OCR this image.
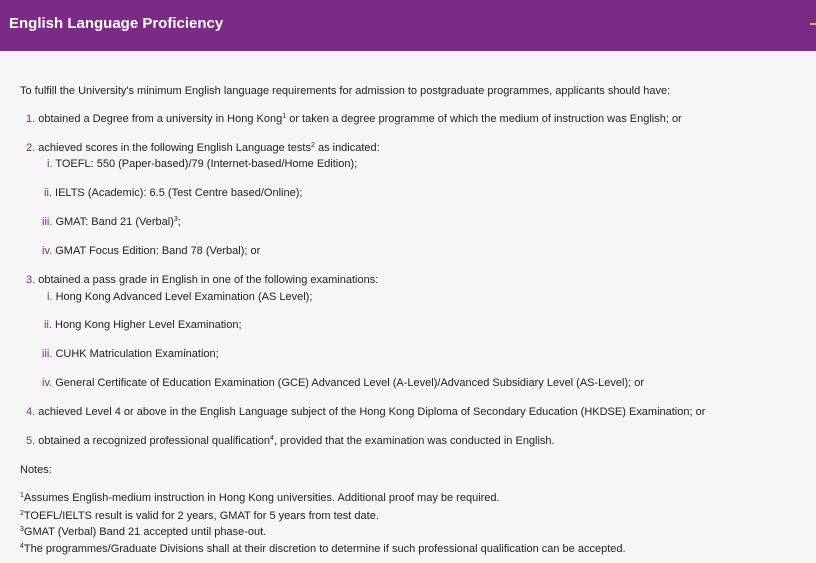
English Language Proficiency
To fulfill the University's minimum English language requirements for admission to postgraduate programmes, applicants should have:
1. obtained a Degree from a university in Hong Kong$^1$ or taken a degree programme of which the medium of instruction was English; or
2. achieved scores in the following English Language tests$^2$ as indicated:
i. TOEFL: 550 (Paper-based)/79 (Internet-based/Home Edition);
ii. IELTS (Academic): 6.5 (Test Centre based/Online);
iii. GMAT: Band 21 (Verbal)$^3$;
iv. GMAT Focus Edition: Band 78 (Verbal); or
3. obtained a pass grade in English in one of the following examinations:
i. Hong Kong Advanced Level Examination (AS Level);
ii. Hong Kong Higher Level Examination;
iii. CUHK Matriculation Examination;
iv. General Certificate of Education Examination (GCE) Advanced Level (A-Level)/Advanced Subsidiary Level (AS-Level); or
4. achieved Level 4 or above in the English Language subject of the Hong Kong Diploma of Secondary Education (HKDSE) Examination; or
5. obtained a recognized professional qualification$^4$, provided that the examination was conducted in English.
Notes:
$^1$Assumes English-medium instruction in Hong Kong universities. Additional proof may be required.
$^2$TOEFL/IELTS result is valid for 2 years, GMAT for 5 years from test date.
$^3$GMAT (Verbal) Band 21 accepted until phase-out.
$^4$The programmes/Graduate Divisions shall at their discretion to determine if such professional qualification can be accepted.
